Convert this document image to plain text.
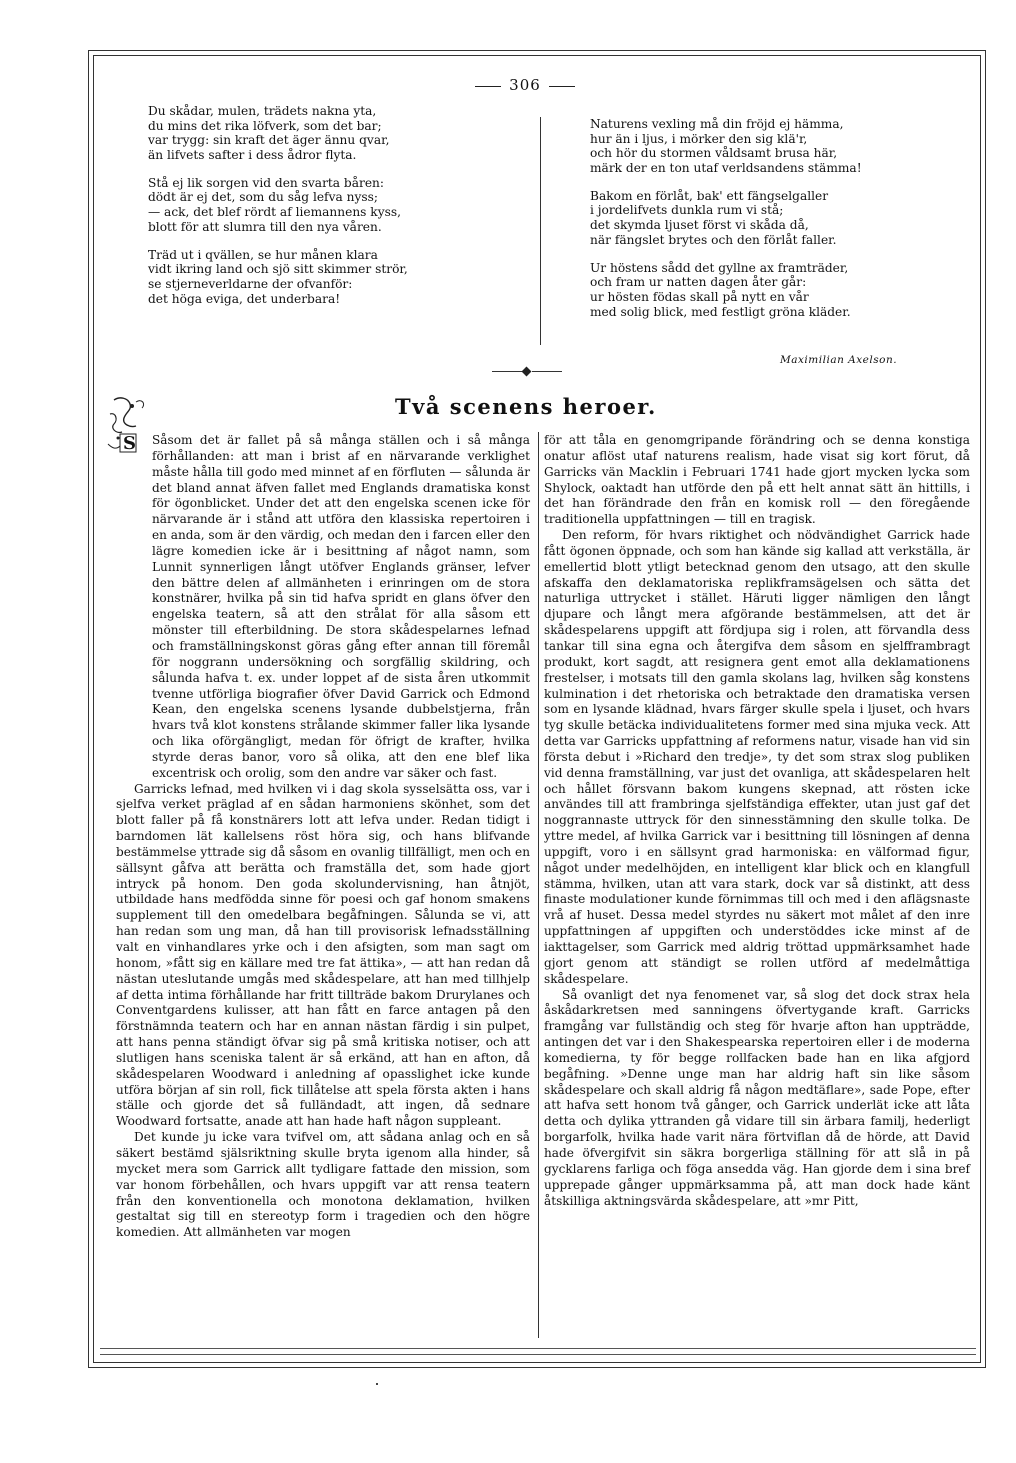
306
Du skådar, mulen, trädets nakna yta,
du mins det rika löfverk, som det bar;
var trygg: sin kraft det äger ännu qvar,
än lifvets safter i dess ådror flyta.
Stå ej lik sorgen vid den svarta båren:
dödt är ej det, som du såg lefva nyss;
— ack, det blef rördt af liemannens kyss,
blott för att slumra till den nya våren.
Träd ut i qvällen, se hur månen klara
vidt ikring land och sjö sitt skimmer strör,
se stjerneverldarne der ofvanför:
det höga eviga, det underbara!
Naturens vexling må din fröjd ej hämma,
hur än i ljus, i mörker den sig klä'r,
och hör du stormen våldsamt brusa här,
märk der en ton utaf verldsandens stämma!
Bakom en förlåt, bak' ett fängselgaller
i jordelifvets dunkla rum vi stå;
det skymda ljuset först vi skåda då,
när fängslet brytes och den förlåt faller.
Ur höstens sådd det gyllne ax framträder,
och fram ur natten dagen åter går:
ur hösten födas skall på nytt en vår
med solig blick, med festligt gröna kläder.
Maximilian Axelson.
S
Två scenens heroer.

Såsom det är fallet på så många ställen och i så många förhållanden: att man i brist af en närvarande verklighet måste hålla till godo med minnet af en förfluten — sålunda är det bland annat äfven fallet med Englands dramatiska konst för ögonblicket. Under det att den engelska scenen icke för närvarande är i stånd att utföra den klassiska repertoiren i en anda, som är den värdig, och medan den i farcen eller den lägre komedien icke är i besittning af något namn, som Lunnit synnerligen långt utöfver Englands gränser, lefver den bättre delen af allmänheten i erinringen om de stora konstnärer, hvilka på sin tid hafva spridt en glans öfver den engelska teatern, så att den strålat för alla såsom ett mönster till efterbildning. De stora skådespelarnes lefnad och framställningskonst göras gång efter annan till föremål för noggrann undersökning och sorgfällig skildring, och sålunda hafva t. ex. under loppet af de sista åren utkommit tvenne utförliga biografier öfver David Garrick och Edmond Kean, den engelska scenens lysande dubbelstjerna, från hvars två klot konstens strålande skimmer faller lika lysande och lika oförgängligt, medan för öfrigt de krafter, hvilka styrde deras banor, voro så olika, att den ene blef lika excentrisk och orolig, som den andre var säker och fast.

Garricks lefnad, med hvilken vi i dag skola sysselsätta oss, var i sjelfva verket präglad af en sådan harmoniens skönhet, som det blott faller på få konstnärers lott att lefva under. Redan tidigt i barndomen lät kallelsens röst höra sig, och hans blifvande bestämmelse yttrade sig då såsom en ovanlig tillfälligt, men och en sällsynt gåfva att berätta och framställa det, som hade gjort intryck på honom. Den goda skolundervisning, han åtnjöt, utbildade hans medfödda sinne för poesi och gaf honom smakens supplement till den omedelbara begåfningen. Sålunda se vi, att han redan som ung man, då han till provisorisk lefnadsställning valt en vinhandlares yrke och i den afsigten, som man sagt om honom, »fått sig en källare med tre fat ättika», — att han redan då nästan uteslutande umgås med skådespelare, att han med tillhjelp af detta intima förhållande har fritt tillträde bakom Drurylanes och Conventgardens kulisser, att han fått en farce antagen på den förstnämnda teatern och har en annan nästan färdig i sin pulpet, att hans penna ständigt öfvar sig på små kritiska notiser, och att slutligen hans sceniska talent är så erkänd, att han en afton, då skådespelaren Woodward i anledning af opasslighet icke kunde utföra början af sin roll, fick tillåtelse att spela första akten i hans ställe och gjorde det så fulländadt, att ingen, då sednare Woodward fortsatte, anade att han hade haft någon suppleant.

Det kunde ju icke vara tvifvel om, att sådana anlag och en så säkert bestämd själsriktning skulle bryta igenom alla hinder, så mycket mera som Garrick allt tydligare fattade den mission, som var honom förbehållen, och hvars uppgift var att rensa teatern från den konventionella och monotona deklamation, hvilken gestaltat sig till en stereotyp form i tragedien och den högre komedien. Att allmänheten var mogen

för att tåla en genomgripande förändring och se denna konstiga onatur aflöst utaf naturens realism, hade visat sig kort förut, då Garricks vän Macklin i Februari 1741 hade gjort mycken lycka som Shylock, oaktadt han utförde den på ett helt annat sätt än hittills, i det han förändrade den från en komisk roll — den föregående traditionella uppfattningen — till en tragisk.

Den reform, för hvars riktighet och nödvändighet Garrick hade fått ögonen öppnade, och som han kände sig kallad att verkställa, är emellertid blott ytligt betecknad genom den utsago, att den skulle afskaffa den deklamatoriska replikframsägelsen och sätta det naturliga uttrycket i stället. Häruti ligger nämligen den långt djupare och långt mera afgörande bestämmelsen, att det är skådespelarens uppgift att fördjupa sig i rolen, att förvandla dess tankar till sina egna och återgifva dem såsom en sjelfframbragt produkt, kort sagdt, att resignera gent emot alla deklamationens frestelser, i motsats till den gamla skolans lag, hvilken såg konstens kulmination i det rhetoriska och betraktade den dramatiska versen som en lysande klädnad, hvars färger skulle spela i ljuset, och hvars tyg skulle betäcka individualitetens former med sina mjuka veck. Att detta var Garricks uppfattning af reformens natur, visade han vid sin första debut i »Richard den tredje», ty det som strax slog publiken vid denna framställning, var just det ovanliga, att skådespelaren helt och hållet försvann bakom kungens skepnad, att rösten icke användes till att frambringa sjelfständiga effekter, utan just gaf det noggrannaste uttryck för den sinnesstämning den skulle tolka. De yttre medel, af hvilka Garrick var i besittning till lösningen af denna uppgift, voro i en sällsynt grad harmoniska: en välformad figur, något under medelhöjden, en intelligent klar blick och en klangfull stämma, hvilken, utan att vara stark, dock var så distinkt, att dess finaste modulationer kunde förnimmas till och med i den aflägsnaste vrå af huset. Dessa medel styrdes nu säkert mot målet af den inre uppfattningen af uppgiften och understöddes icke minst af de iakttagelser, som Garrick med aldrig tröttad uppmärksamhet hade gjort genom att ständigt se rollen utförd af medelmåttiga skådespelare.

Så ovanligt det nya fenomenet var, så slog det dock strax hela åskådarkretsen med sanningens öfvertygande kraft. Garricks framgång var fullständig och steg för hvarje afton han uppträdde, antingen det var i den Shakespearska repertoiren eller i de moderna komedierna, ty för begge rollfacken bade han en lika afgjord begåfning. »Denne unge man har aldrig haft sin like såsom skådespelare och skall aldrig få någon medtäflare», sade Pope, efter att hafva sett honom två gånger, och Garrick underlät icke att låta detta och dylika yttranden gå vidare till sin ärbara familj, hederligt borgarfolk, hvilka hade varit nära förtviflan då de hörde, att David hade öfvergifvit sin säkra borgerliga ställning för att slå in på gycklarens farliga och föga ansedda väg. Han gjorde dem i sina bref upprepade gånger uppmärksamma på, att man dock hade känt åtskilliga aktningsvärda skådespelare, att »mr Pitt,
